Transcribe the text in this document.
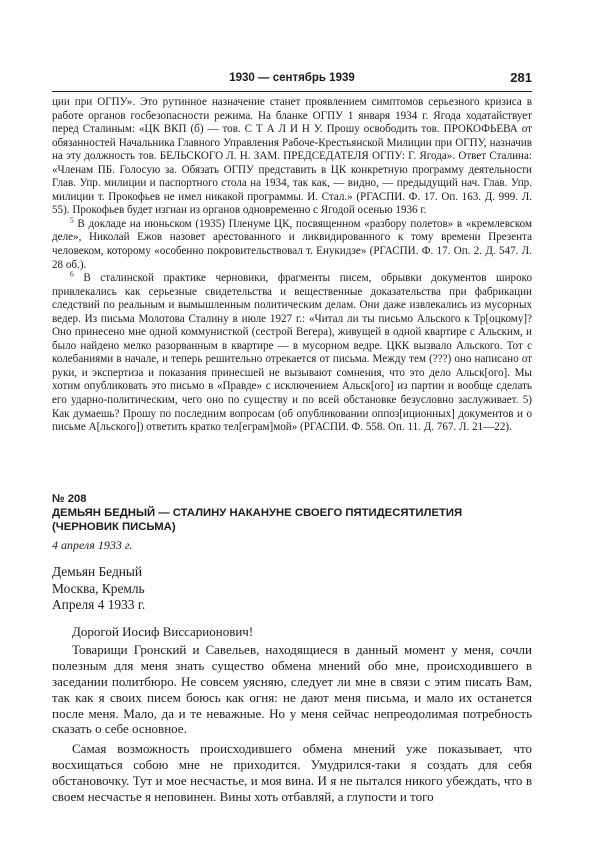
1930 — сентябрь 1939	281

ции при ОГПУ». Это рутинное назначение станет проявлением симптомов серьезного кризиса в работе органов госбезопасности режима. На бланке ОГПУ 1 января 1934 г. Ягода ходатайствует перед Сталиным: «ЦК ВКП (б) — тов. С Т А Л И Н У. Прошу освободить тов. ПРОКОФЬЕВА от обязанностей Начальника Главного Управления Рабоче-Крестьянской Милиции при ОГПУ, назначив на эту должность тов. БЕЛЬСКОГО Л. Н. ЗАМ. ПРЕДСЕДАТЕЛЯ ОГПУ: Г. Ягода». Ответ Сталина: «Членам ПБ. Голосую за. Обязать ОГПУ представить в ЦК конкретную программу деятельности Глав. Упр. милиции и паспортного стола на 1934, так как, — видно, — предыдущий нач. Глав. Упр. милиции т. Прокофьев не имел никакой программы. И. Стал.» (РГАСПИ. Ф. 17. Оп. 163. Д. 999. Л. 55). Прокофьев будет изгнан из органов одновременно с Ягодой осенью 1936 г.

$^5$ В докладе на июньском (1935) Пленуме ЦК, посвященном «разбору полетов» в «кремлевском деле», Николай Ежов назовет арестованного и ликвидированного к тому времени Презента человеком, которому «особенно покровительствовал т. Енукидзе» (РГАСПИ. Ф. 17. Оп. 2. Д. 547. Л. 28 об.).

$^6$ В сталинской практике черновики, фрагменты писем, обрывки документов широко привлекались как серьезные свидетельства и вещественные доказательства при фабрикации следствий по реальным и вымышленным политическим делам. Они даже извлекались из мусорных ведер. Из письма Молотова Сталину в июле 1927 г.: «Читал ли ты письмо Альского к Тр[оцкому]? Оно принесено мне одной коммунисткой (сестрой Вегера), живущей в одной квартире с Альским, и было найдено мелко разорванным в квартире — в мусорном ведре. ЦКК вызвало Альского. Тот с колебаниями в начале, и теперь решительно отрекается от письма. Между тем (???) оно написано от руки, и экспертиза и показания принесшей не вызывают сомнения, что это дело Альск[ого]. Мы хотим опубликовать это письмо в «Правде» с исключением Альск[ого] из партии и вообще сделать его ударно-политическим, чего оно по существу и по всей обстановке безусловно заслуживает. 5) Как думаешь? Прошу по последним вопросам (об опубликовании оппоз[иционных] документов и о письме А[льского]) ответить кратко тел[еграм]мой» (РГАСПИ. Ф. 558. Оп. 11. Д. 767. Л. 21—22).

№ 208
ДЕМЬЯН БЕДНЫЙ — СТАЛИНУ НАКАНУНЕ СВОЕГО ПЯТИДЕСЯТИЛЕТИЯ (ЧЕРНОВИК ПИСЬМА)
4 апреля 1933 г.
Демьян Бедный
Москва, Кремль
Апреля 4 1933 г.

Дорогой Иосиф Виссарионович!

Товарищи Гронский и Савельев, находящиеся в данный момент у меня, сочли полезным для меня знать существо обмена мнений обо мне, происходившего в заседании политбюро. Не совсем уясняю, следует ли мне в связи с этим писать Вам, так как я своих писем боюсь как огня: не дают меня письма, и мало их останется после меня. Мало, да и те неважные. Но у меня сейчас непреодолимая потребность сказать о себе основное.

Самая возможность происходившего обмена мнений уже показывает, что восхищаться собою мне не приходится. Умудрился-таки я создать для себя обстановочку. Тут и мое несчастье, и моя вина. И я не пытался никого убеждать, что в своем несчастье я неповинен. Вины хоть отбавляй, а глупости и того
